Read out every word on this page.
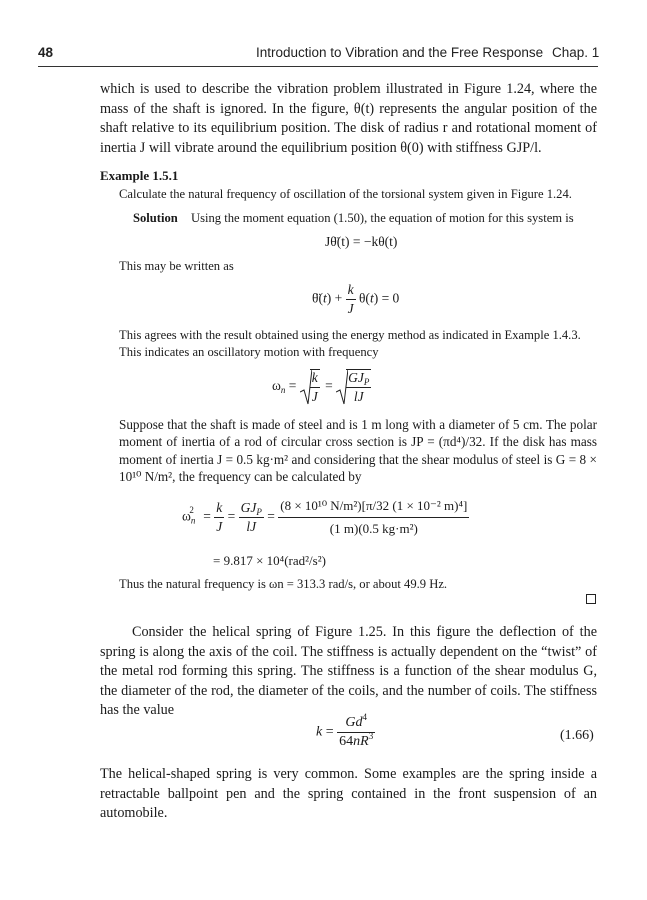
48	Introduction to Vibration and the Free Response Chap. 1

which is used to describe the vibration problem illustrated in Figure 1.24, where the mass of the shaft is ignored. In the figure, θ(t) represents the angular position of the shaft relative to its equilibrium position. The disk of radius r and rotational moment of inertia J will vibrate around the equilibrium position θ(0) with stiffness GJP/l.

Example 1.5.1
Calculate the natural frequency of oscillation of the torsional system given in Figure 1.24.
Solution Using the moment equation (1.50), the equation of motion for this system is
Jθ̈(t) = −kθ(t)
This may be written as
θ̈(t) + $\frac{k}{J} \theta(t) = 0$
This agrees with the result obtained using the energy method as indicated in Example 1.4.3.
This indicates an oscillatory motion with frequency
$\omega_n = \frac{k}{J} = \frac{GJ_P}{lJ}$

Suppose that the shaft is made of steel and is 1 m long with a diameter of 5 cm. The polar moment of inertia of a rod of circular cross section is JP = (πd⁴)/32. If the disk has mass moment of inertia J = 0.5 kg·m² and considering that the shear modulus of steel is G = 8 × 10¹⁰ N/m², the frequency can be calculated by

$\omega_n^2 = \frac{k}{J} = \frac{GJ_P}{lJ} = \frac{\text{(8 × 10¹⁰ N/m²)[π/32 (1 × 10⁻² m)⁴]}}{\text{(1 m)(0.5 kg·m²)}}$
= 9.817 × 10⁴(rad²/s²)
Thus the natural frequency is ωn = 313.3 rad/s, or about 49.9 Hz.

Consider the helical spring of Figure 1.25. In this figure the deflection of the spring is along the axis of the coil. The stiffness is actually dependent on the “twist” of the metal rod forming this spring. The stiffness is a function of the shear modulus G, the diameter of the rod, the diameter of the coils, and the number of coils. The stiffness has the value

$k = \frac{Gd^4}{64nR^3}$	(1.66)

The helical-shaped spring is very common. Some examples are the spring inside a retractable ballpoint pen and the spring contained in the front suspension of an automobile.
